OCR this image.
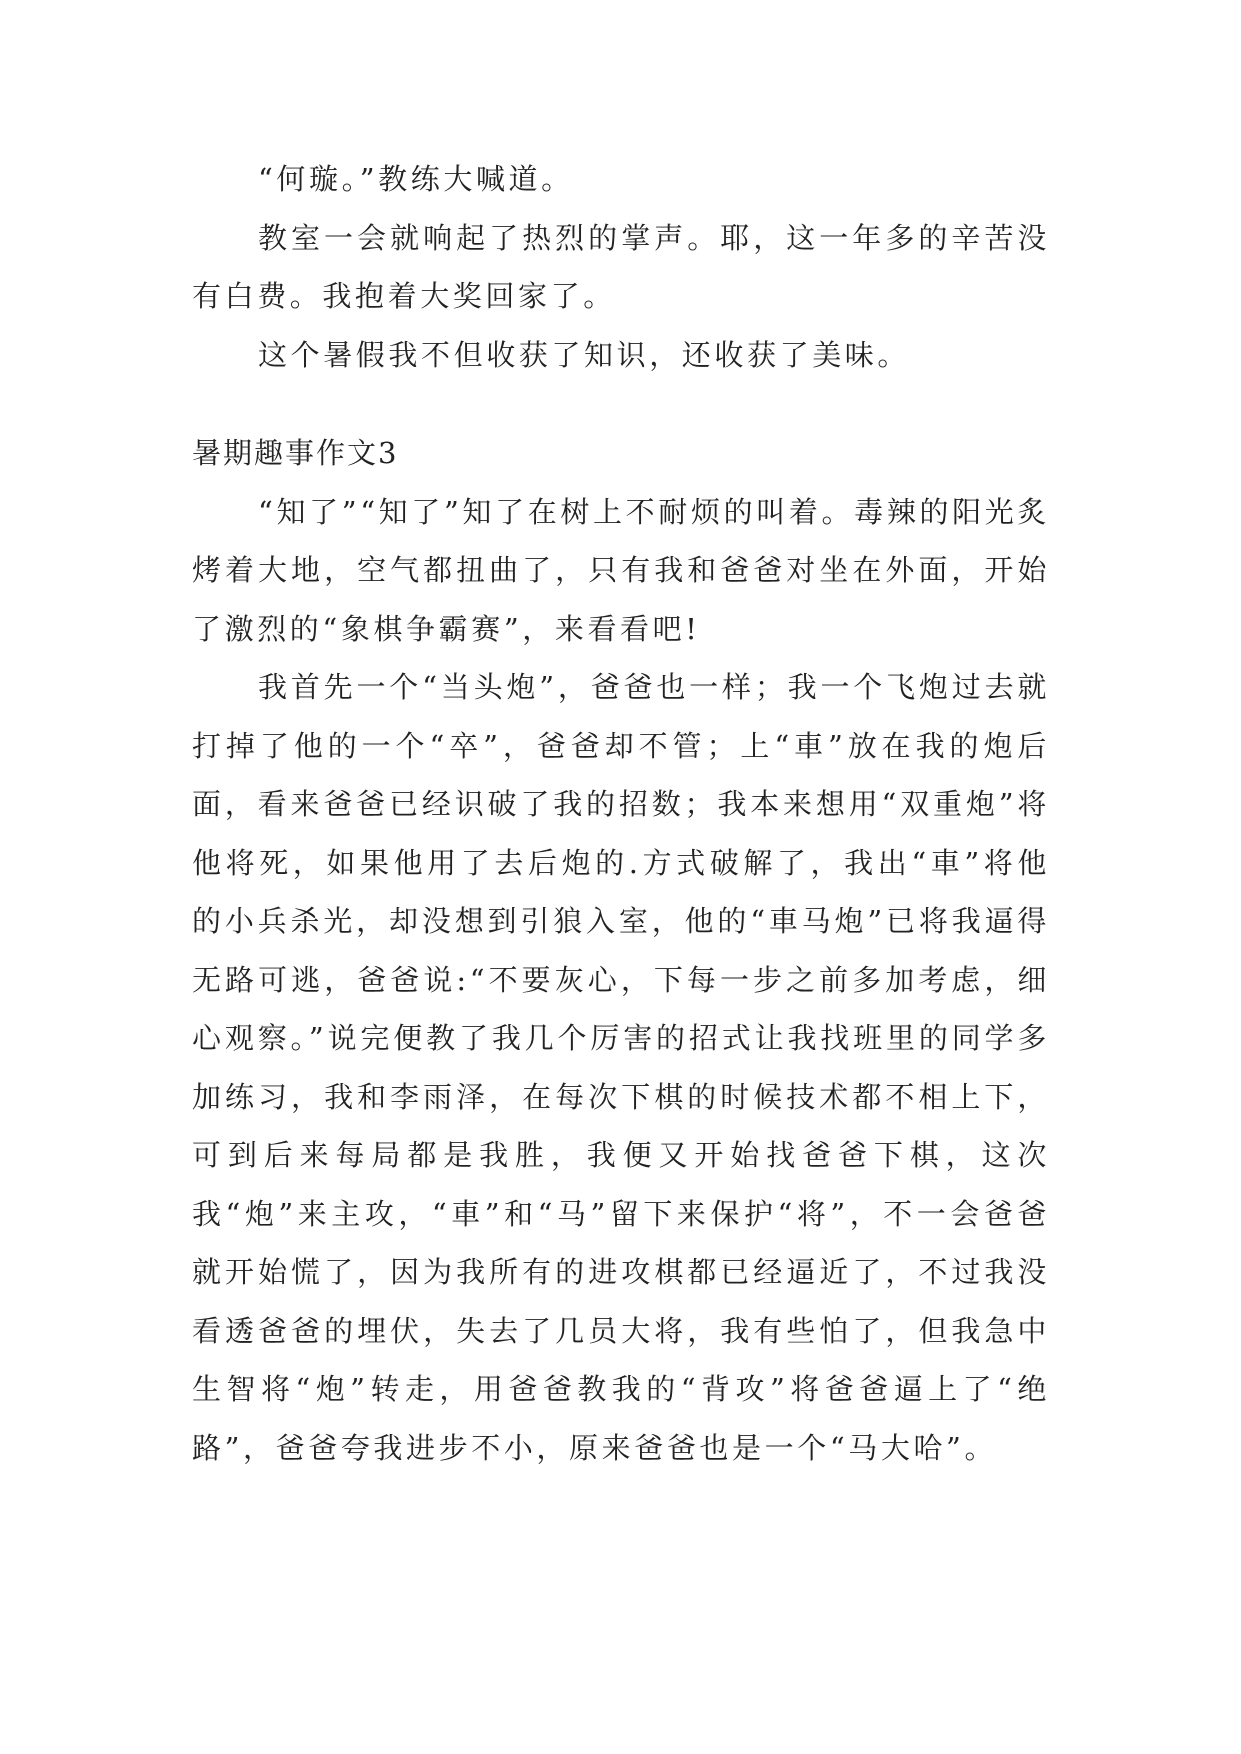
“何璇。”教练大喊道。

教室一会就响起了热烈的掌声。耶，这一年多的辛苦没有白费。我抱着大奖回家了。

这个暑假我不但收获了知识，还收获了美味。

暑期趣事作文3

“知了”“知了”知了在树上不耐烦的叫着。毒辣的阳光炙烤着大地，空气都扭曲了，只有我和爸爸对坐在外面，开始了激烈的“象棋争霸赛”，来看看吧!

我首先一个“当头炮”，爸爸也一样；我一个飞炮过去就打掉了他的一个“卒”，爸爸却不管；上“車”放在我的炮后面，看来爸爸已经识破了我的招数；我本来想用“双重炮”将他将死，如果他用了去后炮的.方式破解了，我出“車”将他的小兵杀光，却没想到引狼入室，他的“車马炮”已将我逼得无路可逃，爸爸说:“不要灰心，下每一步之前多加考虑，细心观察。”说完便教了我几个厉害的招式让我找班里的同学多加练习，我和李雨泽，在每次下棋的时候技术都不相上下，可到后来每局都是我胜，我便又开始找爸爸下棋，这次我“炮”来主攻，“車”和“马”留下来保护“将”，不一会爸爸就开始慌了，因为我所有的进攻棋都已经逼近了，不过我没看透爸爸的埋伏，失去了几员大将，我有些怕了，但我急中生智将“炮”转走，用爸爸教我的“背攻”将爸爸逼上了“绝路”，爸爸夸我进步不小，原来爸爸也是一个“马大哈”。
